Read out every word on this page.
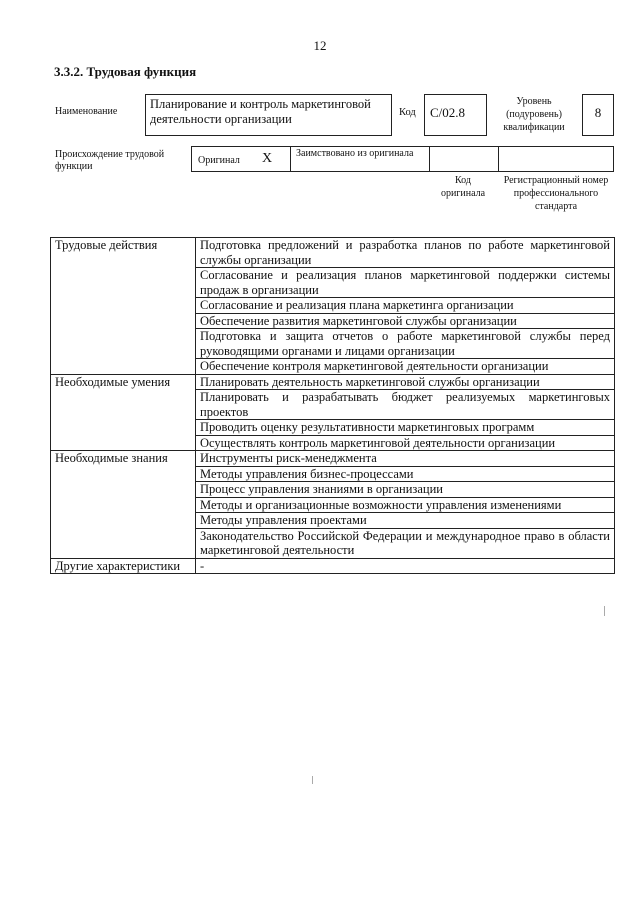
12
3.3.2. Трудовая функция
Наименование
Планирование и контроль маркетинговой деятельности организации	Код	С/02.8
Уровень (подуровень) квалификации
8
Происхождение трудовой функции
Оригинал Х Заимствовано из оригинала
Код оригинала
Регистрационный номер профессионального стандарта
Трудовые действия	Подготовка предложений и разработка планов по работе маркетинговой службы организации
	Согласование и реализация планов маркетинговой поддержки системы продаж в организации
	Согласование и реализация плана маркетинга организации
	Обеспечение развития маркетинговой службы организации
	Подготовка и защита отчетов о работе маркетинговой службы перед руководящими органами и лицами организации
	Обеспечение контроля маркетинговой деятельности организации
Необходимые умения	Планировать деятельность маркетинговой службы организации
	Планировать и разрабатывать бюджет реализуемых маркетинговых проектов
	Проводить оценку результативности маркетинговых программ
	Осуществлять контроль маркетинговой деятельности организации
Необходимые знания	Инструменты риск-менеджмента
	Методы управления бизнес-процессами
	Процесс управления знаниями в организации
	Методы и организационные возможности управления изменениями
	Методы управления проектами
	Законодательство Российской Федерации и международное право в области маркетинговой деятельности
Другие характеристики	-
